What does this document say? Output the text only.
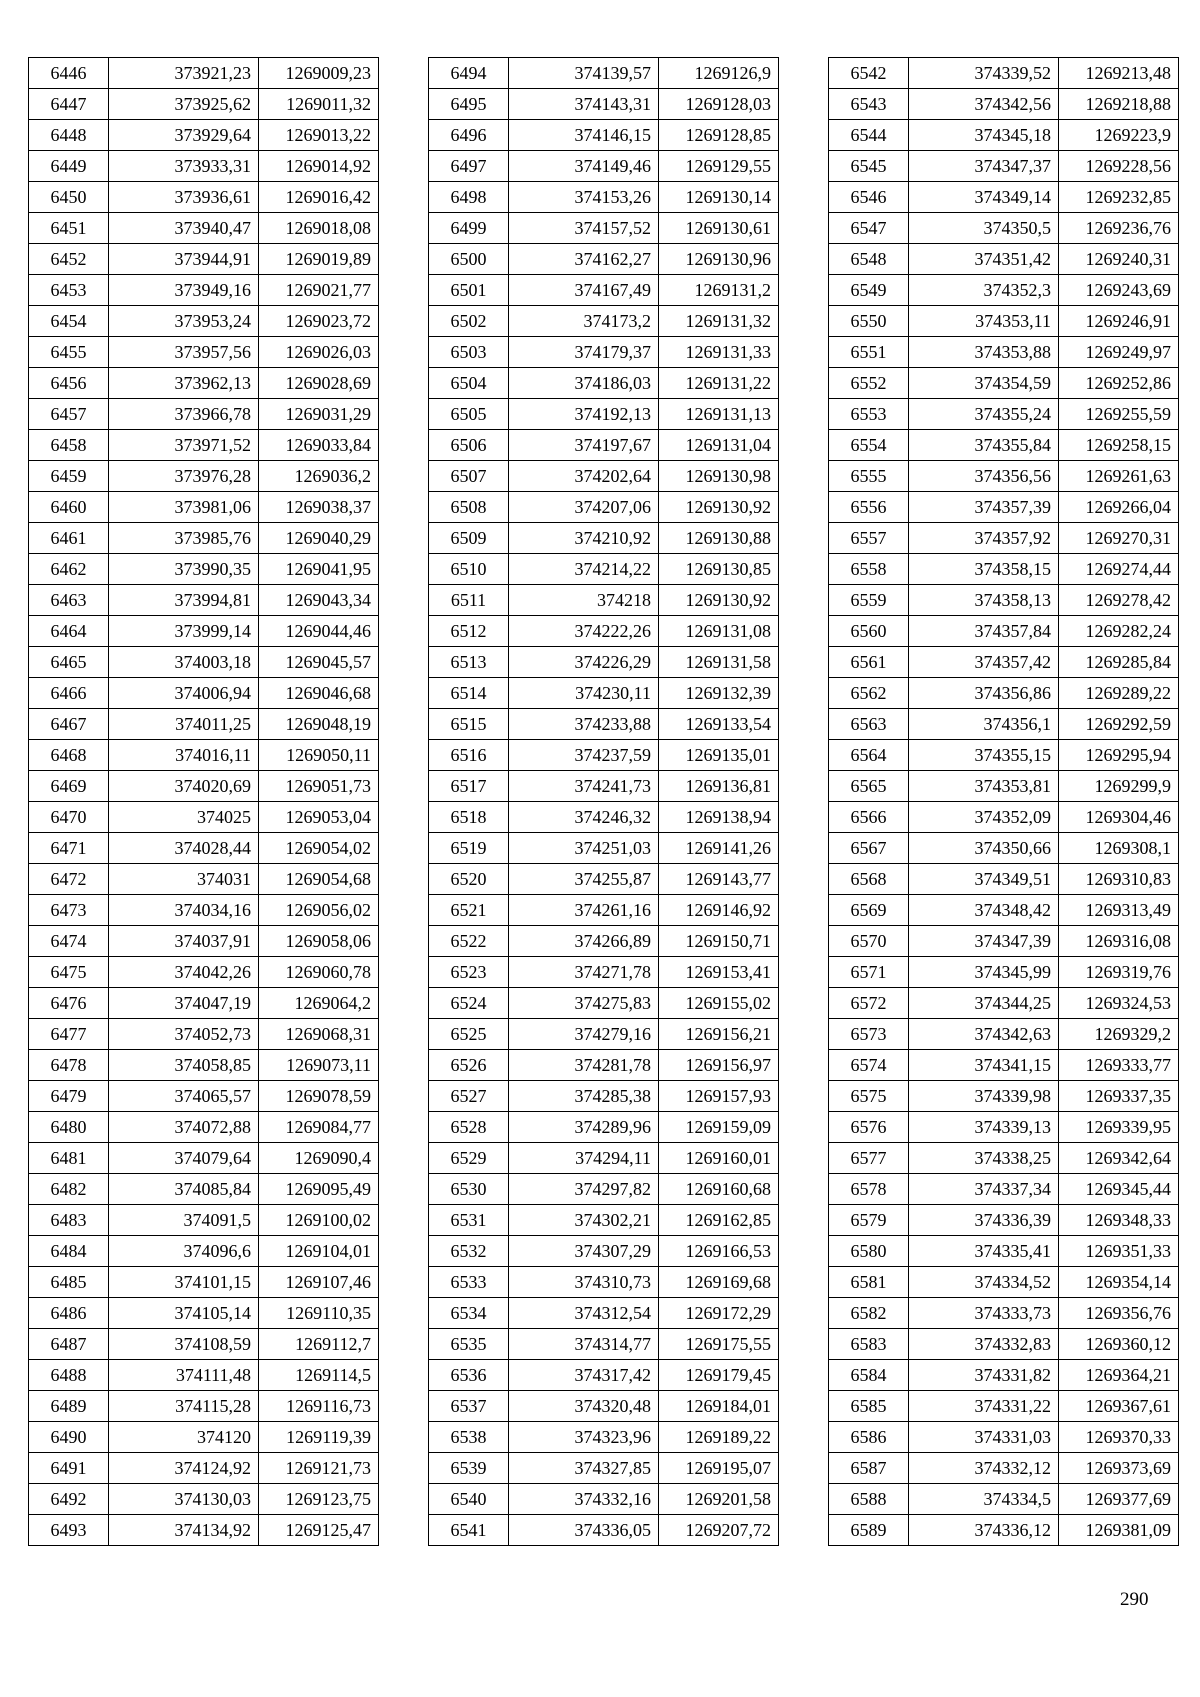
6446	373921,23	1269009,23
6447	373925,62	1269011,32
6448	373929,64	1269013,22
6449	373933,31	1269014,92
6450	373936,61	1269016,42
6451	373940,47	1269018,08
6452	373944,91	1269019,89
6453	373949,16	1269021,77
6454	373953,24	1269023,72
6455	373957,56	1269026,03
6456	373962,13	1269028,69
6457	373966,78	1269031,29
6458	373971,52	1269033,84
6459	373976,28	1269036,2
6460	373981,06	1269038,37
6461	373985,76	1269040,29
6462	373990,35	1269041,95
6463	373994,81	1269043,34
6464	373999,14	1269044,46
6465	374003,18	1269045,57
6466	374006,94	1269046,68
6467	374011,25	1269048,19
6468	374016,11	1269050,11
6469	374020,69	1269051,73
6470	374025	1269053,04
6471	374028,44	1269054,02
6472	374031	1269054,68
6473	374034,16	1269056,02
6474	374037,91	1269058,06
6475	374042,26	1269060,78
6476	374047,19	1269064,2
6477	374052,73	1269068,31
6478	374058,85	1269073,11
6479	374065,57	1269078,59
6480	374072,88	1269084,77
6481	374079,64	1269090,4
6482	374085,84	1269095,49
6483	374091,5	1269100,02
6484	374096,6	1269104,01
6485	374101,15	1269107,46
6486	374105,14	1269110,35
6487	374108,59	1269112,7
6488	374111,48	1269114,5
6489	374115,28	1269116,73
6490	374120	1269119,39
6491	374124,92	1269121,73
6492	374130,03	1269123,75
6493	374134,92	1269125,47
6494	374139,57	1269126,9
6495	374143,31	1269128,03
6496	374146,15	1269128,85
6497	374149,46	1269129,55
6498	374153,26	1269130,14
6499	374157,52	1269130,61
6500	374162,27	1269130,96
6501	374167,49	1269131,2
6502	374173,2	1269131,32
6503	374179,37	1269131,33
6504	374186,03	1269131,22
6505	374192,13	1269131,13
6506	374197,67	1269131,04
6507	374202,64	1269130,98
6508	374207,06	1269130,92
6509	374210,92	1269130,88
6510	374214,22	1269130,85
6511	374218	1269130,92
6512	374222,26	1269131,08
6513	374226,29	1269131,58
6514	374230,11	1269132,39
6515	374233,88	1269133,54
6516	374237,59	1269135,01
6517	374241,73	1269136,81
6518	374246,32	1269138,94
6519	374251,03	1269141,26
6520	374255,87	1269143,77
6521	374261,16	1269146,92
6522	374266,89	1269150,71
6523	374271,78	1269153,41
6524	374275,83	1269155,02
6525	374279,16	1269156,21
6526	374281,78	1269156,97
6527	374285,38	1269157,93
6528	374289,96	1269159,09
6529	374294,11	1269160,01
6530	374297,82	1269160,68
6531	374302,21	1269162,85
6532	374307,29	1269166,53
6533	374310,73	1269169,68
6534	374312,54	1269172,29
6535	374314,77	1269175,55
6536	374317,42	1269179,45
6537	374320,48	1269184,01
6538	374323,96	1269189,22
6539	374327,85	1269195,07
6540	374332,16	1269201,58
6541	374336,05	1269207,72
6542	374339,52	1269213,48
6543	374342,56	1269218,88
6544	374345,18	1269223,9
6545	374347,37	1269228,56
6546	374349,14	1269232,85
6547	374350,5	1269236,76
6548	374351,42	1269240,31
6549	374352,3	1269243,69
6550	374353,11	1269246,91
6551	374353,88	1269249,97
6552	374354,59	1269252,86
6553	374355,24	1269255,59
6554	374355,84	1269258,15
6555	374356,56	1269261,63
6556	374357,39	1269266,04
6557	374357,92	1269270,31
6558	374358,15	1269274,44
6559	374358,13	1269278,42
6560	374357,84	1269282,24
6561	374357,42	1269285,84
6562	374356,86	1269289,22
6563	374356,1	1269292,59
6564	374355,15	1269295,94
6565	374353,81	1269299,9
6566	374352,09	1269304,46
6567	374350,66	1269308,1
6568	374349,51	1269310,83
6569	374348,42	1269313,49
6570	374347,39	1269316,08
6571	374345,99	1269319,76
6572	374344,25	1269324,53
6573	374342,63	1269329,2
6574	374341,15	1269333,77
6575	374339,98	1269337,35
6576	374339,13	1269339,95
6577	374338,25	1269342,64
6578	374337,34	1269345,44
6579	374336,39	1269348,33
6580	374335,41	1269351,33
6581	374334,52	1269354,14
6582	374333,73	1269356,76
6583	374332,83	1269360,12
6584	374331,82	1269364,21
6585	374331,22	1269367,61
6586	374331,03	1269370,33
6587	374332,12	1269373,69
6588	374334,5	1269377,69
6589	374336,12	1269381,09
290
